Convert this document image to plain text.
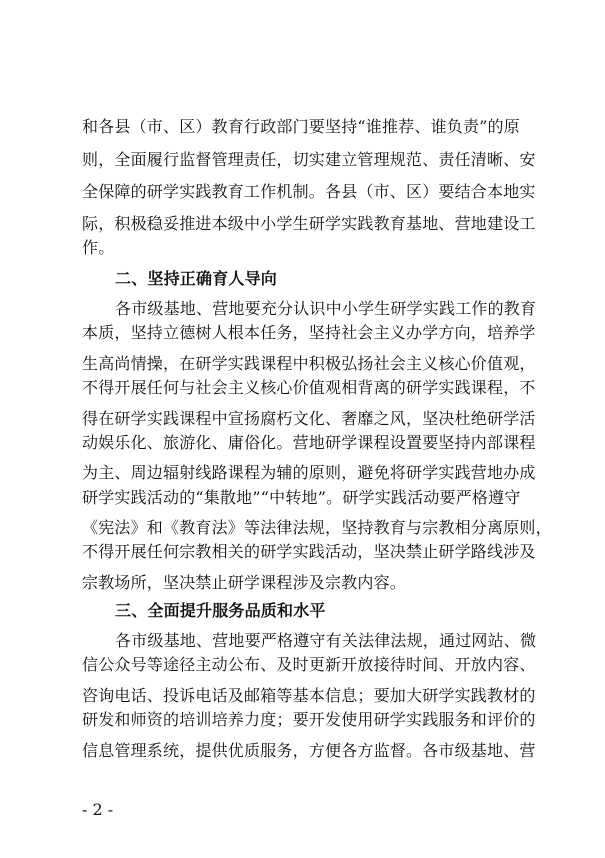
和各县（市、区）教育行政部门要坚持“谁推荐、谁负责”的原
则，全面履行监督管理责任，切实建立管理规范、责任清晰、安
全保障的研学实践教育工作机制。各县（市、区）要结合本地实
际，积极稳妥推进本级中小学生研学实践教育基地、营地建设工
作。
二、坚持正确育人导向
各市级基地、营地要充分认识中小学生研学实践工作的教育
本质，坚持立德树人根本任务，坚持社会主义办学方向，培养学
生高尚情操，在研学实践课程中积极弘扬社会主义核心价值观，
不得开展任何与社会主义核心价值观相背离的研学实践课程，不
得在研学实践课程中宣扬腐朽文化、奢靡之风，坚决杜绝研学活
动娱乐化、旅游化、庸俗化。营地研学课程设置要坚持内部课程
为主、周边辐射线路课程为辅的原则，避免将研学实践营地办成
研学实践活动的“集散地”“中转地”。研学实践活动要严格遵守
《宪法》和《教育法》等法律法规，坚持教育与宗教相分离原则，
不得开展任何宗教相关的研学实践活动，坚决禁止研学路线涉及
宗教场所，坚决禁止研学课程涉及宗教内容。
三、全面提升服务品质和水平
各市级基地、营地要严格遵守有关法律法规，通过网站、微
信公众号等途径主动公布、及时更新开放接待时间、开放内容、
咨询电话、投诉电话及邮箱等基本信息；要加大研学实践教材的
研发和师资的培训培养力度；要开发使用研学实践服务和评价的
信息管理系统，提供优质服务，方便各方监督。各市级基地、营
- 2 -
